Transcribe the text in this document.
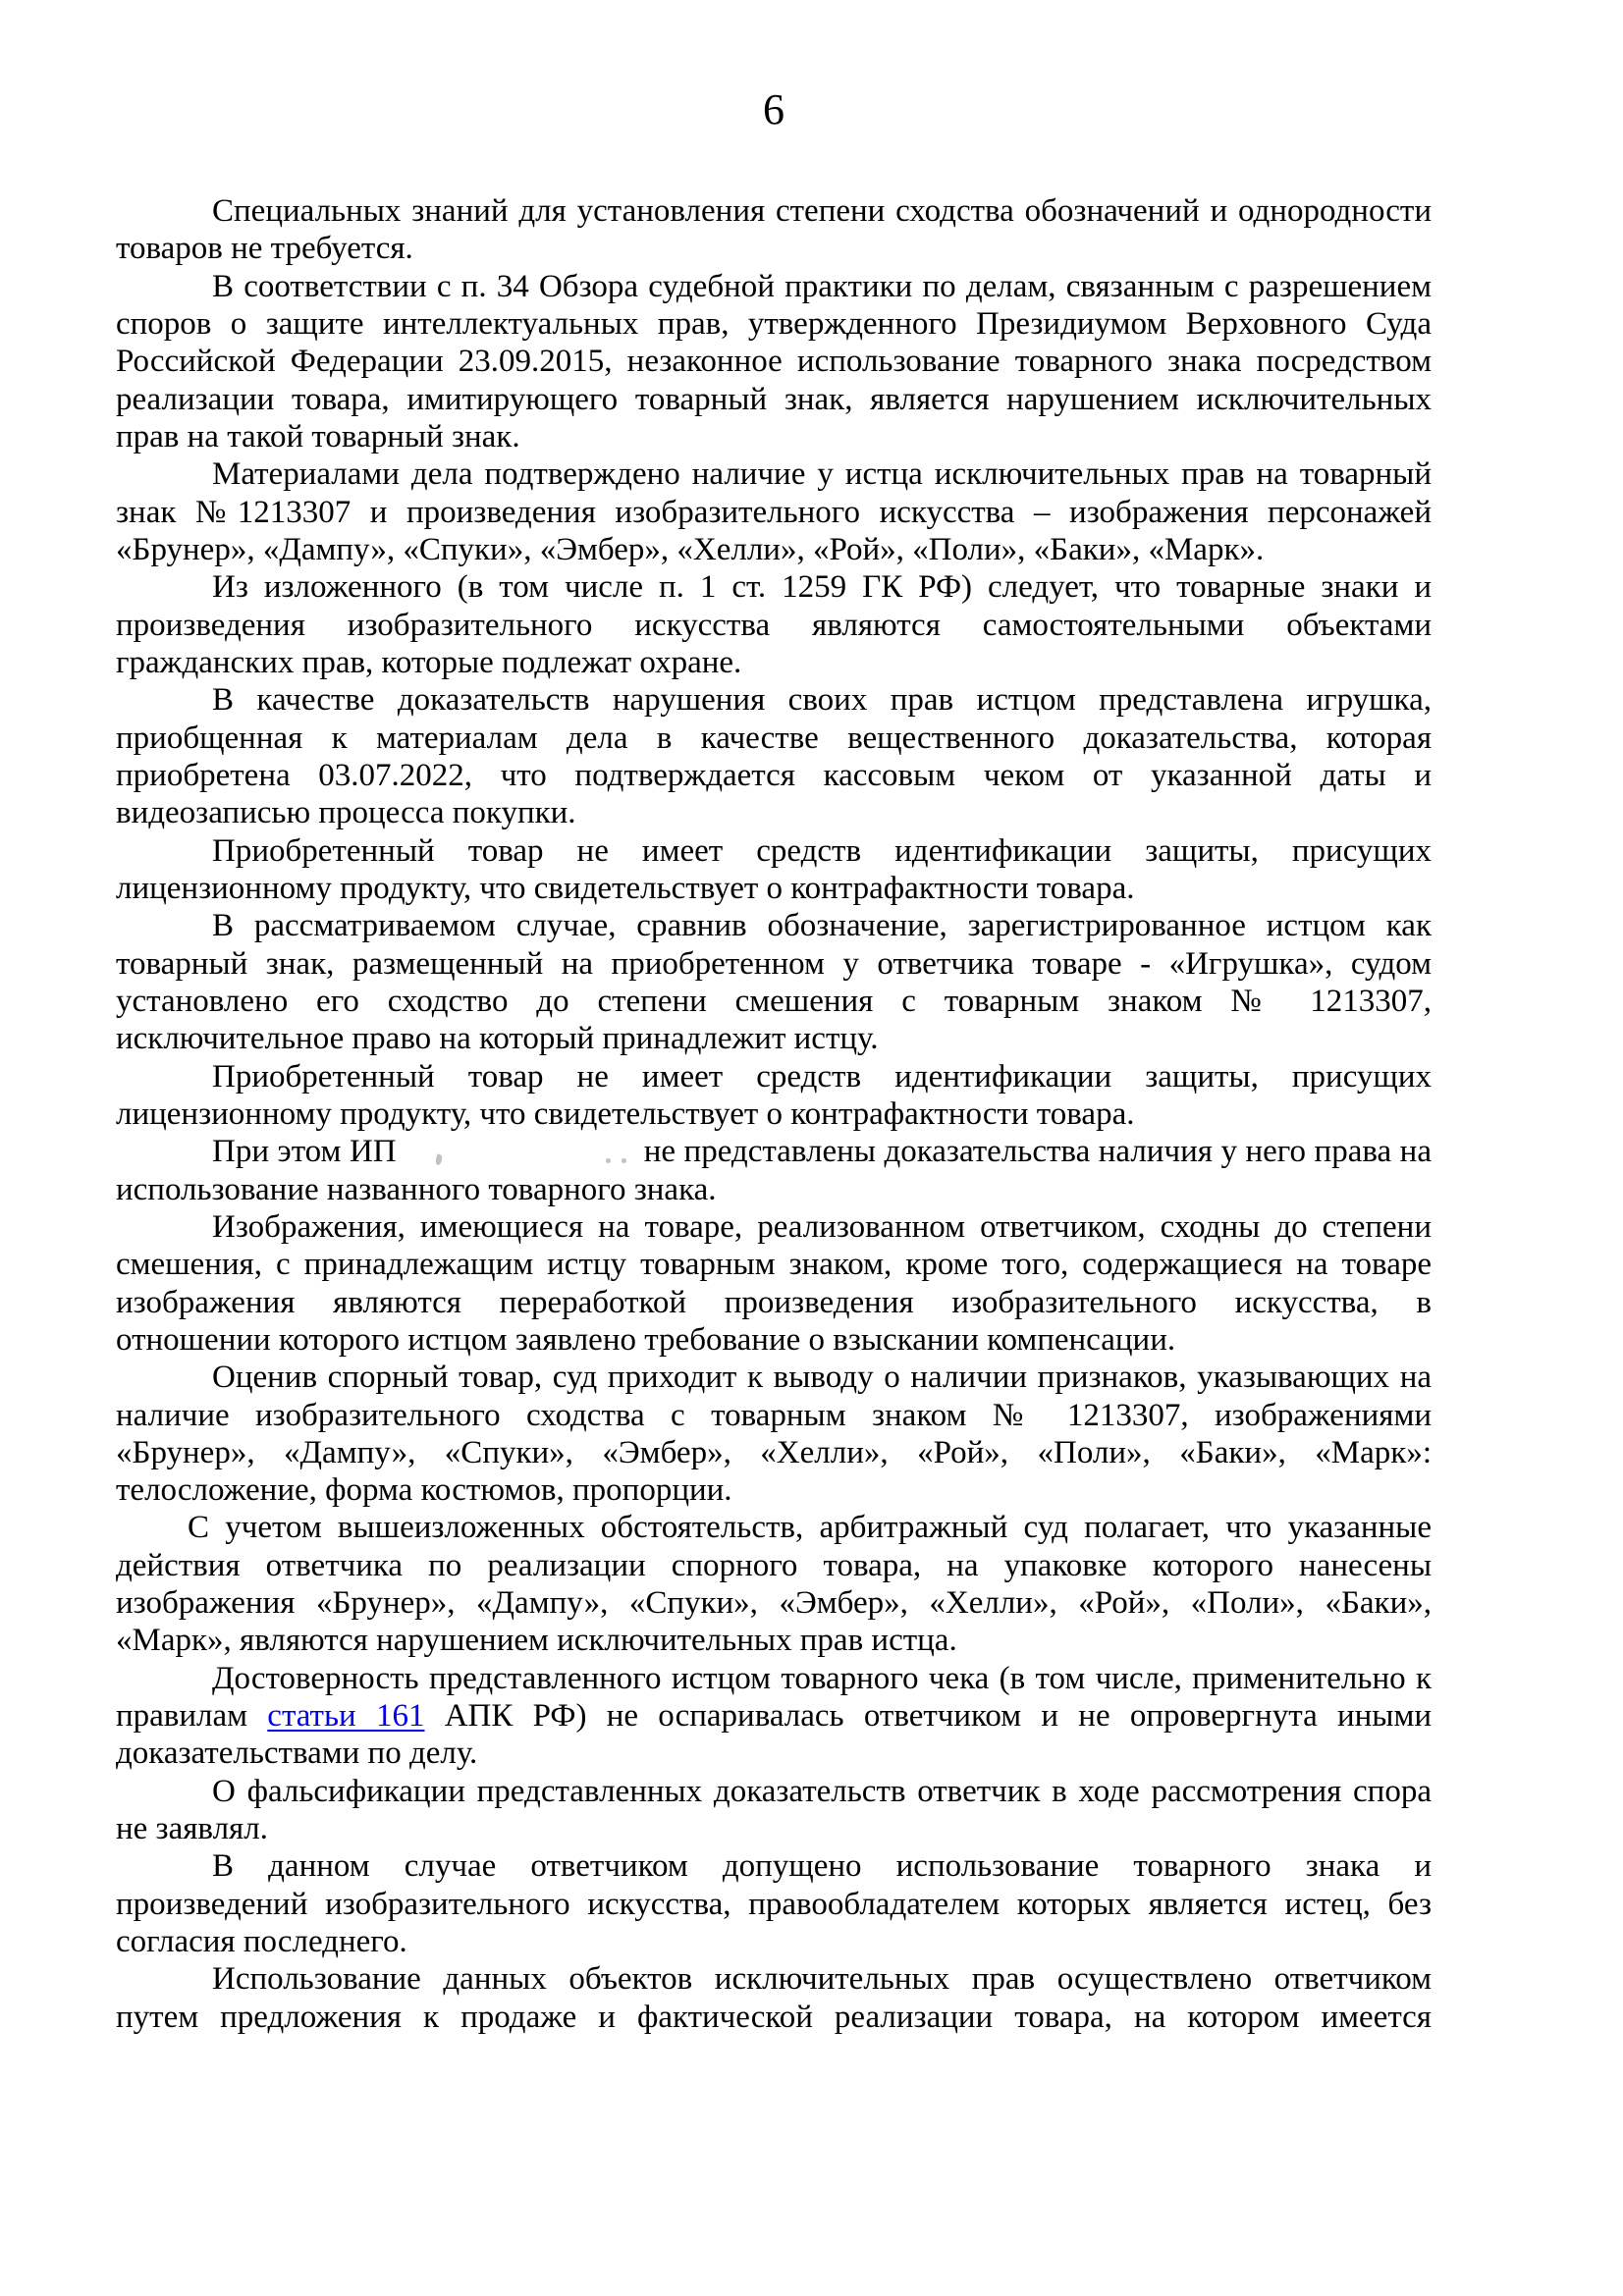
6
Специальных знаний для установления степени сходства обозначений и однородности
товаров не требуется.
В соответствии с п. 34 Обзора судебной практики по делам, связанным с разрешением
споров о защите интеллектуальных прав, утвержденного Президиумом Верховного Суда
Российской Федерации 23.09.2015, незаконное использование товарного знака посредством
реализации товара, имитирующего товарный знак, является нарушением исключительных
прав на такой товарный знак.
Материалами дела подтверждено наличие у истца исключительных прав на товарный
знак №1213307 и произведения изобразительного искусства – изображения персонажей
«Брунер», «Дампу», «Спуки», «Эмбер», «Хелли», «Рой», «Поли», «Баки», «Марк».
Из изложенного (в том числе п. 1 ст. 1259 ГК РФ) следует, что товарные знаки и
произведения изобразительного искусства являются самостоятельными объектами
гражданских прав, которые подлежат охране.
В качестве доказательств нарушения своих прав истцом представлена игрушка,
приобщенная к материалам дела в качестве вещественного доказательства, которая
приобретена 03.07.2022, что подтверждается кассовым чеком от указанной даты и
видеозаписью процесса покупки.
Приобретенный товар не имеет средств идентификации защиты, присущих
лицензионному продукту, что свидетельствует о контрафактности товара.
В рассматриваемом случае, сравнив обозначение, зарегистрированное истцом как
товарный знак, размещенный на приобретенном у ответчика товаре - «Игрушка», судом
установлено его сходство до степени смешения с товарным знаком № 1213307,
исключительное право на который принадлежит истцу.
Приобретенный товар не имеет средств идентификации защиты, присущих
лицензионному продукту, что свидетельствует о контрафактности товара.
При этом ИП	не представлены доказательства наличия у него права на
использование названного товарного знака.
Изображения, имеющиеся на товаре, реализованном ответчиком, сходны до степени
смешения, с принадлежащим истцу товарным знаком, кроме того, содержащиеся на товаре
изображения являются переработкой произведения изобразительного искусства, в
отношении которого истцом заявлено требование о взыскании компенсации.
Оценив спорный товар, суд приходит к выводу о наличии признаков, указывающих на
наличие изобразительного сходства с товарным знаком № 1213307, изображениями
«Брунер», «Дампу», «Спуки», «Эмбер», «Хелли», «Рой», «Поли», «Баки», «Марк»:
телосложение, форма костюмов, пропорции.
С учетом вышеизложенных обстоятельств, арбитражный суд полагает, что указанные
действия ответчика по реализации спорного товара, на упаковке которого нанесены
изображения «Брунер», «Дампу», «Спуки», «Эмбер», «Хелли», «Рой», «Поли», «Баки»,
«Марк», являются нарушением исключительных прав истца.
Достоверность представленного истцом товарного чека (в том числе, применительно к
правилам статьи 161 АПК РФ) не оспаривалась ответчиком и не опровергнута иными
доказательствами по делу.
О фальсификации представленных доказательств ответчик в ходе рассмотрения спора
не заявлял.
В данном случае ответчиком допущено использование товарного знака и
произведений изобразительного искусства, правообладателем которых является истец, без
согласия последнего.
Использование данных объектов исключительных прав осуществлено ответчиком
путем предложения к продаже и фактической реализации товара, на котором имеется
